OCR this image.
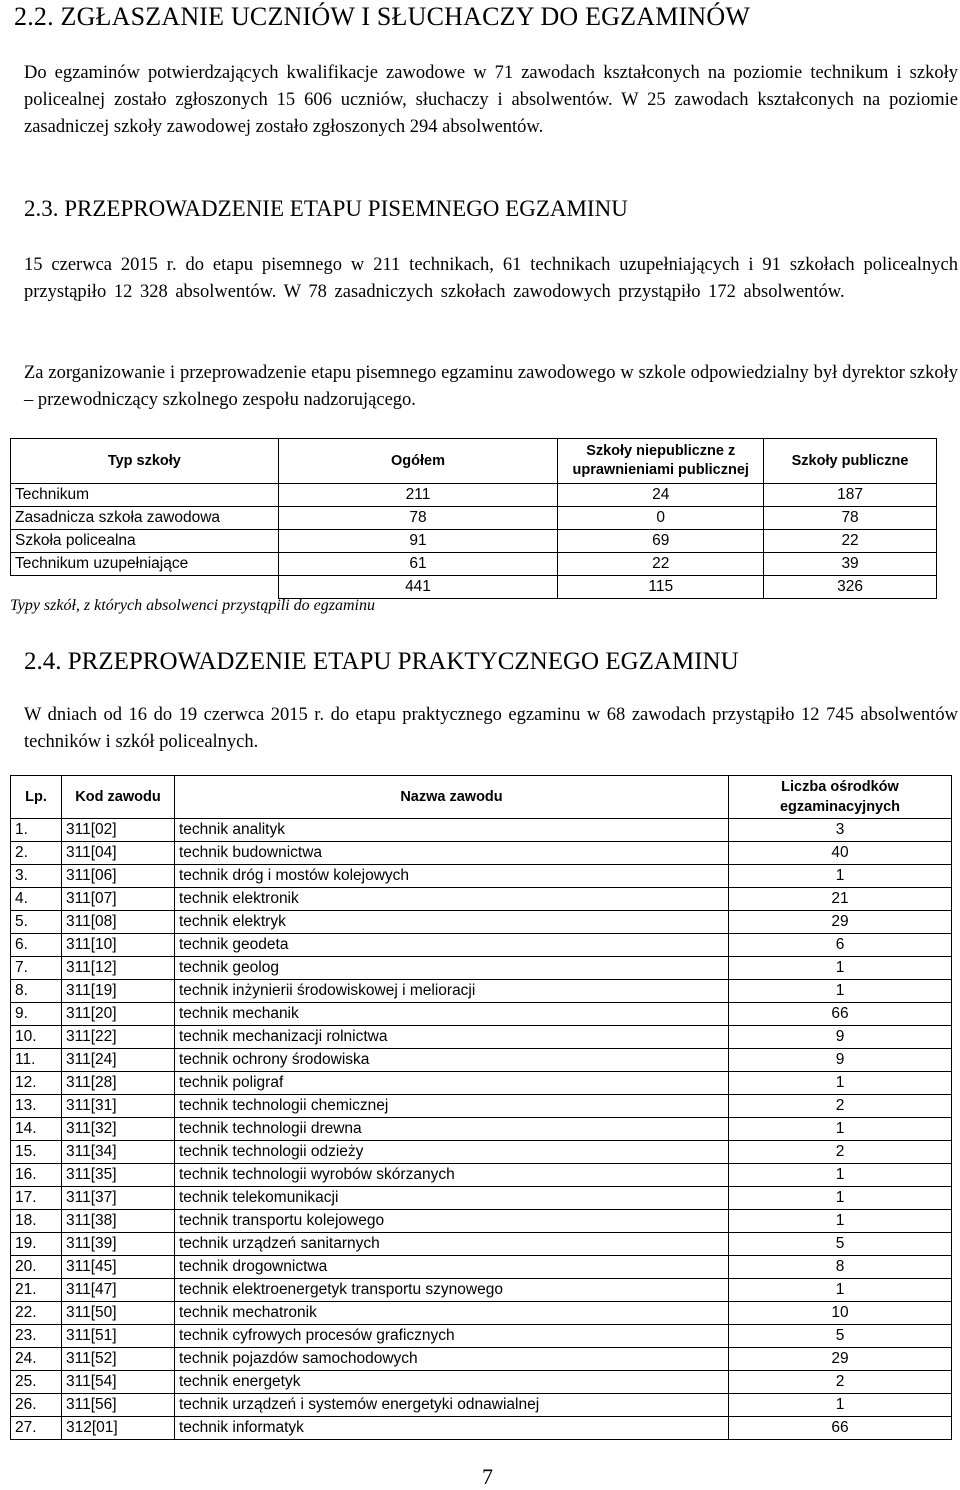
2.2. ZGŁASZANIE UCZNIÓW I SŁUCHACZY DO EGZAMINÓW

Do egzaminów potwierdzających kwalifikacje zawodowe w 71 zawodach kształconych na poziomie technikum i szkoły policealnej zostało zgłoszonych 15 606 uczniów, słuchaczy i absolwentów. W 25 zawodach kształconych na poziomie zasadniczej szkoły zawodowej zostało zgłoszonych 294 absolwentów.

2.3. PRZEPROWADZENIE ETAPU PISEMNEGO EGZAMINU

15 czerwca 2015 r. do etapu pisemnego w 211 technikach, 61 technikach uzupełniających i 91 szkołach policealnych przystąpiło 12 328 absolwentów. W 78 zasadniczych szkołach zawodowych przystąpiło 172 absolwentów.

Za zorganizowanie i przeprowadzenie etapu pisemnego egzaminu zawodowego w szkole odpowiedzialny był dyrektor szkoły – przewodniczący szkolnego zespołu nadzorującego.

Typ szkoły	Ogółem	Szkoły niepubliczne z uprawnieniami publicznej	Szkoły publiczne
Technikum	211	24	187
Zasadnicza szkoła zawodowa	78	0	78
Szkoła policealna	91	69	22
Technikum uzupełniające	61	22	39
	441	115	326

Typy szkół, z których absolwenci przystąpili do egzaminu

2.4. PRZEPROWADZENIE ETAPU PRAKTYCZNEGO EGZAMINU

W dniach od 16 do 19 czerwca 2015 r. do etapu praktycznego egzaminu w 68 zawodach przystąpiło 12 745 absolwentów techników i szkół policealnych.

Lp.	Kod zawodu	Nazwa zawodu	Liczba ośrodków egzaminacyjnych
1.	311[02]	technik analityk	3
2.	311[04]	technik budownictwa	40
3.	311[06]	technik dróg i mostów kolejowych	1
4.	311[07]	technik elektronik	21
5.	311[08]	technik elektryk	29
6.	311[10]	technik geodeta	6
7.	311[12]	technik geolog	1
8.	311[19]	technik inżynierii środowiskowej i melioracji	1
9.	311[20]	technik mechanik	66
10.	311[22]	technik mechanizacji rolnictwa	9
11.	311[24]	technik ochrony środowiska	9
12.	311[28]	technik poligraf	1
13.	311[31]	technik technologii chemicznej	2
14.	311[32]	technik technologii drewna	1
15.	311[34]	technik technologii odzieży	2
16.	311[35]	technik technologii wyrobów skórzanych	1
17.	311[37]	technik telekomunikacji	1
18.	311[38]	technik transportu kolejowego	1
19.	311[39]	technik urządzeń sanitarnych	5
20.	311[45]	technik drogownictwa	8
21.	311[47]	technik elektroenergetyk transportu szynowego	1
22.	311[50]	technik mechatronik	10
23.	311[51]	technik cyfrowych procesów graficznych	5
24.	311[52]	technik pojazdów samochodowych	29
25.	311[54]	technik energetyk	2
26.	311[56]	technik urządzeń i systemów energetyki odnawialnej	1
27.	312[01]	technik informatyk	66
7
